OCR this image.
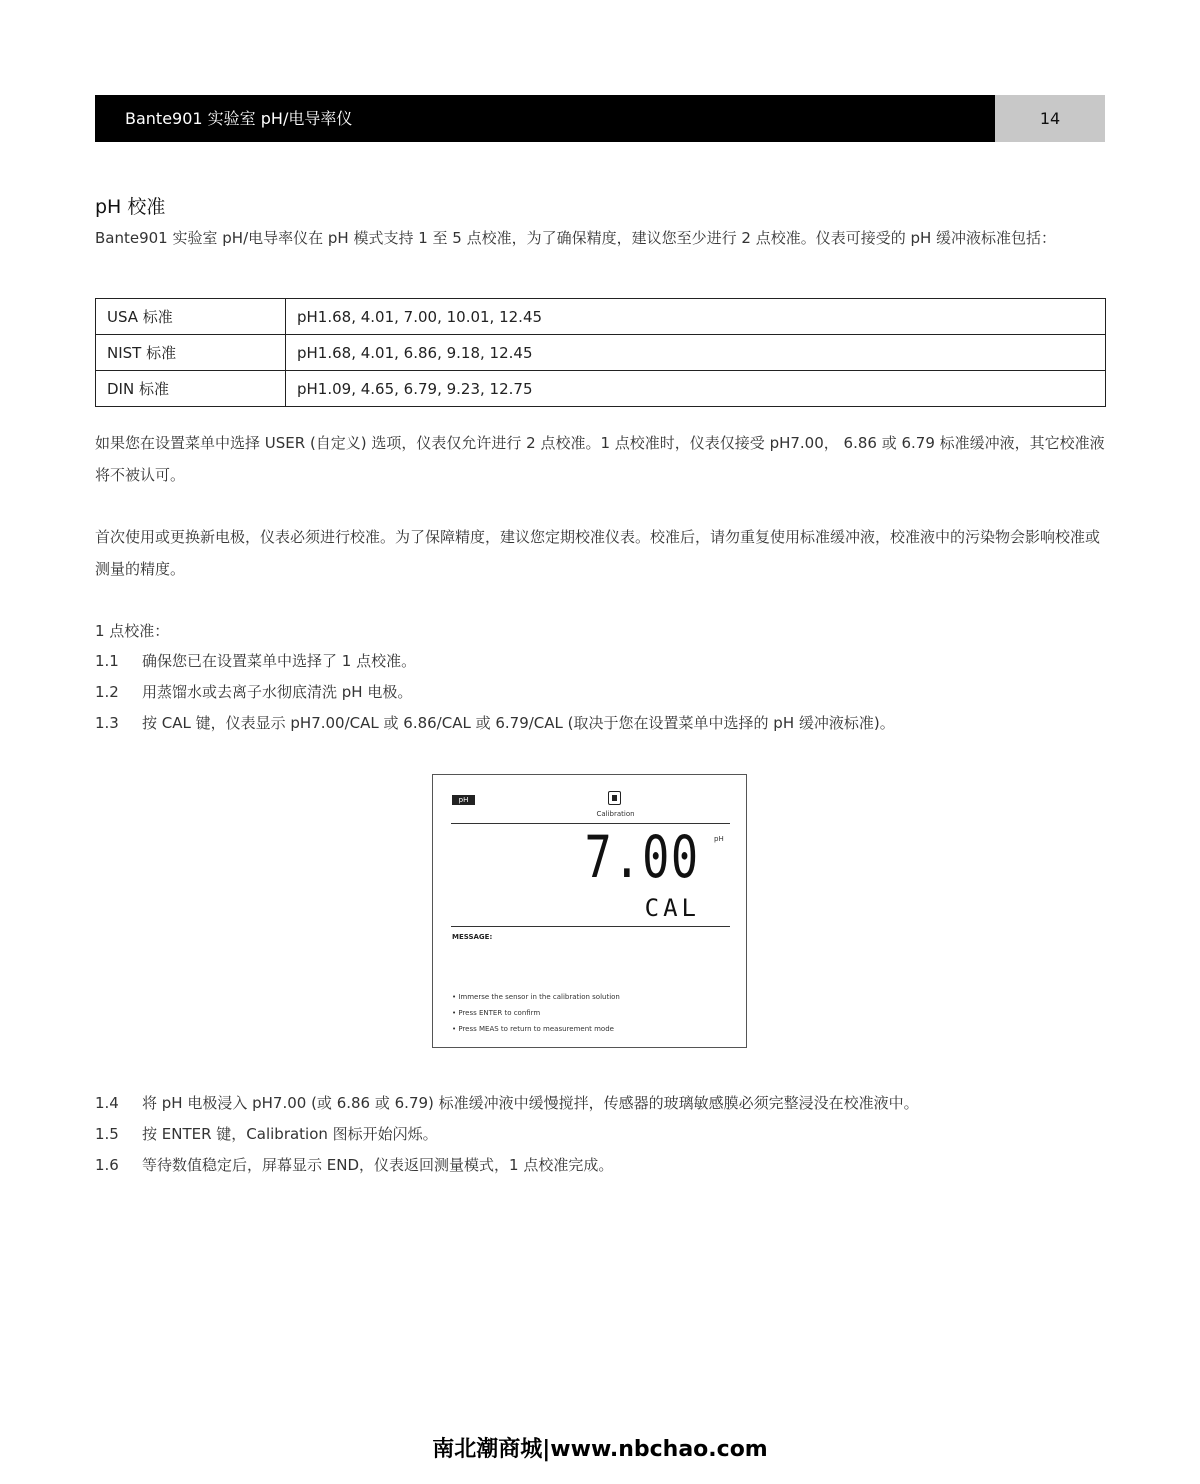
Bante901 实验室 pH/电导率仪	14
pH 校准
Bante901 实验室 pH/电导率仪在 pH 模式支持 1 至 5 点校准，为了确保精度，建议您至少进行 2 点校准。仪表可接受的 pH 缓冲液标准包括：
USA 标准	pH1.68, 4.01, 7.00, 10.01, 12.45
NIST 标准	pH1.68, 4.01, 6.86, 9.18, 12.45
DIN 标准	pH1.09, 4.65, 6.79, 9.23, 12.75
如果您在设置菜单中选择 USER (自定义) 选项，仪表仅允许进行 2 点校准。1 点校准时，仪表仅接受 pH7.00， 6.86 或 6.79 标准缓冲液，其它校准液将不被认可。
首次使用或更换新电极，仪表必须进行校准。为了保障精度，建议您定期校准仪表。校准后，请勿重复使用标准缓冲液，校准液中的污染物会影响校准或测量的精度。
1 点校准：
1.1 确保您已在设置菜单中选择了 1 点校准。
1.2 用蒸馏水或去离子水彻底清洗 pH 电极。
1.3 按 CAL 键，仪表显示 pH7.00/CAL 或 6.86/CAL 或 6.79/CAL (取决于您在设置菜单中选择的 pH 缓冲液标准)。
pH
Calibration
7.00 pH
CAL
MESSAGE:
• Immerse the sensor in the calibration solution
• Press ENTER to confirm
• Press MEAS to return to measurement mode
1.4 将 pH 电极浸入 pH7.00 (或 6.86 或 6.79) 标准缓冲液中缓慢搅拌，传感器的玻璃敏感膜必须完整浸没在校准液中。
1.5 按 ENTER 键，Calibration 图标开始闪烁。
1.6 等待数值稳定后，屏幕显示 END，仪表返回测量模式，1 点校准完成。
南北潮商城|www.nbchao.com
